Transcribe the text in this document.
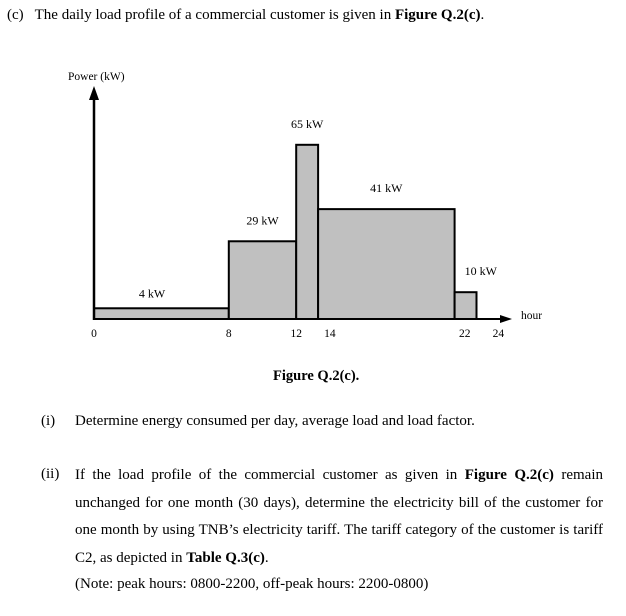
(c) The daily load profile of a commercial customer is given in Figure Q.2(c).
Power (kW)
hour
0	8	12 14	22 24
4 kW
29 kW
65 kW
41 kW
10 kW
Figure Q.2(c).
(i) Determine energy consumed per day, average load and load factor.
(ii) If the load profile of the commercial customer as given in Figure Q.2(c) remain unchanged for one month (30 days), determine the electricity bill of the customer for one month by using TNB’s electricity tariff. The tariff category of the customer is tariff C2, as depicted in Table Q.3(c).
(Note: peak hours: 0800-2200, off-peak hours: 2200-0800)
